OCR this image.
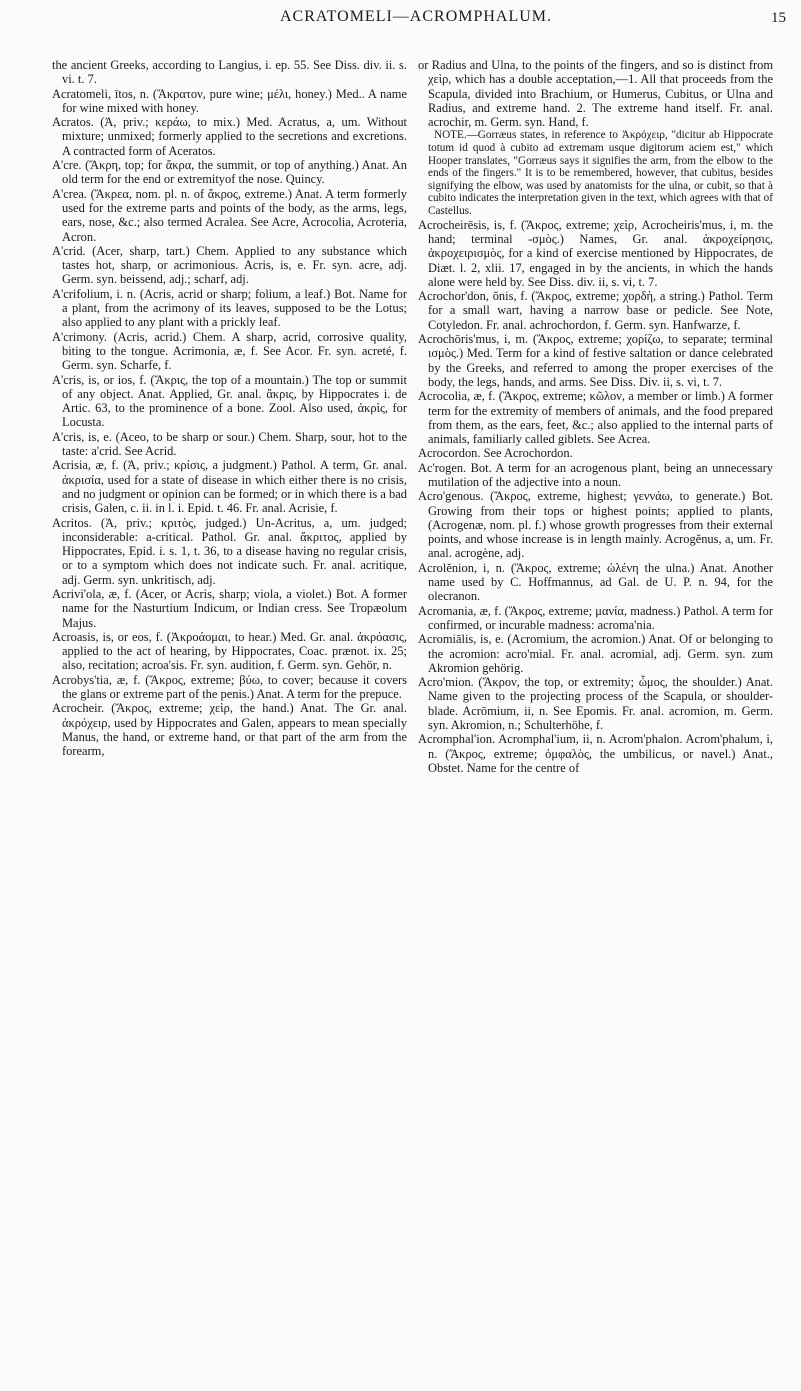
ACRATOMELI—ACROMPHALUM.	15

the ancient Greeks, according to Langius, i. ep. 55. See Diss. div. ii. s. vi. t. 7.

Acratomeli, ītos, n. (Ἄκρατον, pure wine; μέλι, honey.) Med.. A name for wine mixed with honey.

Acratos. (Ἀ, priv.; κεράω, to mix.) Med. Acratus, a, um. Without mixture; unmixed; formerly applied to the secretions and excretions. A contracted form of Aceratos.

A'cre. (Ἄκρη, top; for ἄκρα, the summit, or top of anything.) Anat. An old term for the end or extremityof the nose. Quincy.

A'crea. (Ἄκρεα, nom. pl. n. of ἄκρος, extreme.) Anat. A term formerly used for the extreme parts and points of the body, as the arms, legs, ears, nose, &c.; also termed Acralea. See Acre, Acrocolia, Acroteria, Acron.

A'crid. (Acer, sharp, tart.) Chem. Applied to any substance which tastes hot, sharp, or acrimonious. Acris, is, e. Fr. syn. acre, adj. Germ. syn. beissend, adj.; scharf, adj.

A'crifolium, i. n. (Acris, acrid or sharp; folium, a leaf.) Bot. Name for a plant, from the acrimony of its leaves, supposed to be the Lotus; also applied to any plant with a prickly leaf.

A'crimony. (Acris, acrid.) Chem. A sharp, acrid, corrosive quality, biting to the tongue. Acrimonia, æ, f. See Acor. Fr. syn. acreté, f. Germ. syn. Scharfe, f.

A'cris, is, or ios, f. (Ἄκρις, the top of a mountain.) The top or summit of any object. Anat. Applied, Gr. anal. ἄκρις, by Hippocrates i. de Artic. 63, to the prominence of a bone. Zool. Also used, ἀκρὶς, for Locusta.

A'cris, is, e. (Aceo, to be sharp or sour.) Chem. Sharp, sour, hot to the taste: a'crid. See Acrid.

Acrisia, æ, f. (Ἀ, priv.; κρίσις, a judgment.) Pathol. A term, Gr. anal. ἀκρισία, used for a state of disease in which either there is no crisis, and no judgment or opinion can be formed; or in which there is a bad crisis, Galen, c. ii. in l. i. Epid. t. 46. Fr. anal. Acrisie, f.

Acritos. (Ἀ, priv.; κριτὸς, judged.) Un-Acritus, a, um. judged; inconsiderable: a-critical. Pathol. Gr. anal. ἄκριτος, applied by Hippocrates, Epid. i. s. 1, t. 36, to a disease having no regular crisis, or to a symptom which does not indicate such. Fr. anal. acritique, adj. Germ. syn. unkritisch, adj.

Acrivi'ola, æ, f. (Acer, or Acris, sharp; viola, a violet.) Bot. A former name for the Nasturtium Indicum, or Indian cress. See Tropæolum Majus.

Acroasis, is, or eos, f. (Ἀκροάομαι, to hear.) Med. Gr. anal. ἀκρόασις, applied to the act of hearing, by Hippocrates, Coac. prænot. ix. 25; also, recitation; acroa'sis. Fr. syn. audition, f. Germ. syn. Gehör, n.

Acrobys'tia, æ, f. (Ἄκρος, extreme; βύω, to cover; because it covers the glans or extreme part of the penis.) Anat. A term for the prepuce.

Acrocheir. (Ἄκρος, extreme; χεὶρ, the hand.) Anat. The Gr. anal. ἀκρόχειρ, used by Hippocrates and Galen, appears to mean specially Manus, the hand, or extreme hand, or that part of the arm from the forearm,

or Radius and Ulna, to the points of the fingers, and so is distinct from χεὶρ, which has a double acceptation,—1. All that proceeds from the Scapula, divided into Brachium, or Humerus, Cubitus, or Ulna and Radius, and extreme hand. 2. The extreme hand itself. Fr. anal. acrochir, m. Germ. syn. Hand, f.

NOTE.—Gorræus states, in reference to Ἀκρόχειρ, "dicitur ab Hippocrate totum id quod à cubito ad extremam usque digitorum aciem est," which Hooper translates, "Gorræus says it signifies the arm, from the elbow to the ends of the fingers." It is to be remembered, however, that cubitus, besides signifying the elbow, was used by anatomists for the ulna, or cubit, so that à cubito indicates the interpretation given in the text, which agrees with that of Castellus.

Acrocheirēsis, is, f. (Ἄκρος, extreme; χεὶρ, Acrocheiris'mus, i, m. the hand; terminal -σμὸς.) Names, Gr. anal. ἀκροχείρησις, ἀκροχειρισμὸς, for a kind of exercise mentioned by Hippocrates, de Diæt. l. 2, xlii. 17, engaged in by the ancients, in which the hands alone were held by. See Diss. div. ii, s. vi, t. 7.

Acrochor'don, ŏnis, f. (Ἄκρος, extreme; χορδὴ, a string.) Pathol. Term for a small wart, having a narrow base or pedicle. See Note, Cotyledon. Fr. anal. achrochordon, f. Germ. syn. Hanfwarze, f.

Acrochōris'mus, i, m. (Ἄκρος, extreme; χορίζω, to separate; terminal ισμὸς.) Med. Term for a kind of festive saltation or dance celebrated by the Greeks, and referred to among the proper exercises of the body, the legs, hands, and arms. See Diss. Div. ii, s. vi, t. 7.

Acrocolia, æ, f. (Ἄκρος, extreme; κῶλον, a member or limb.) A former term for the extremity of members of animals, and the food prepared from them, as the ears, feet, &c.; also applied to the internal parts of animals, familiarly called giblets. See Acrea.

Acrocordon. See Acrochordon.

Ac'rogen. Bot. A term for an acrogenous plant, being an unnecessary mutilation of the adjective into a noun.

Acro'genous. (Ἄκρος, extreme, highest; γεννάω, to generate.) Bot. Growing from their tops or highest points; applied to plants, (Acrogenæ, nom. pl. f.) whose growth progresses from their external points, and whose increase is in length mainly. Acrogĕnus, a, um. Fr. anal. acrogène, adj.

Acrolĕnion, i, n. (Ἄκρος, extreme; ὠλένη the ulna.) Anat. Another name used by C. Hoffmannus, ad Gal. de U. P. n. 94, for the olecranon.

Acromania, æ, f. (Ἄκρος, extreme; μανία, madness.) Pathol. A term for confirmed, or incurable madness: acroma'nia.

Acromiālis, is, e. (Acromium, the acromion.) Anat. Of or belonging to the acromion: acro'mial. Fr. anal. acromial, adj. Germ. syn. zum Akromion gehörig.

Acro'mion. (Ἄκρον, the top, or extremity; ὦμος, the shoulder.) Anat. Name given to the projecting process of the Scapula, or shoulder-blade. Acrōmium, ii, n. See Epomis. Fr. anal. acromion, m. Germ. syn. Akromion, n.; Schulterhöhe, f.

Acromphal'ion. Acromphal'ium, ii, n. Acrom'phalon. Acrom'phalum, i, n. (Ἄκρος, extreme; ὀμφαλὸς, the umbilicus, or navel.) Anat., Obstet. Name for the centre of
